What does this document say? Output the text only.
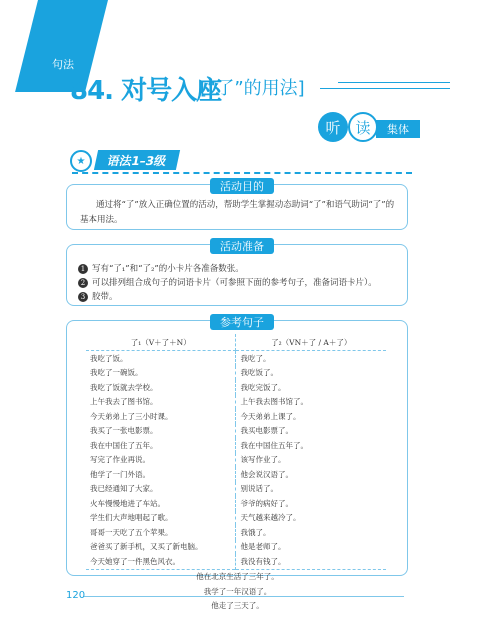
句法
84. 对号入座
[“了”的用法]
听 读	集体
★	语法1–3级
活动目的
通过将“了”放入正确位置的活动，帮助学生掌握动态助词“了”和语气助词“了”的基本用法。
活动准备
1 写有“了₁”和“了₂”的小卡片各准备数张。
2 可以排列组合成句子的词语卡片（可参照下面的参考句子，准备词语卡片）。
3 胶带。
参考句子
了₁（V＋了＋N）	了₂（VN＋了 / A＋了）
我吃了饭。	我吃了。
我吃了一碗饭。	我吃饭了。
我吃了饭就去学校。	我吃完饭了。
上午我去了图书馆。	上午我去图书馆了。
今天弟弟上了三小时课。	今天弟弟上课了。
我买了一张电影票。	我买电影票了。
我在中国住了五年。	我在中国住五年了。
写完了作业再说。	该写作业了。
他学了一门外语。	他会说汉语了。
我已经通知了大家。	别说话了。
火车慢慢地进了车站。	爷爷的病好了。
学生们大声地唱起了歌。	天气越来越冷了。
哥哥一天吃了五个苹果。	我饿了。
爸爸买了新手机，又买了新电脑。	他是老师了。
今天她穿了一件黑色风衣。	我没有钱了。
他在北京生活了三年了。	
我学了一年汉语了。	
他走了三天了。	
120
